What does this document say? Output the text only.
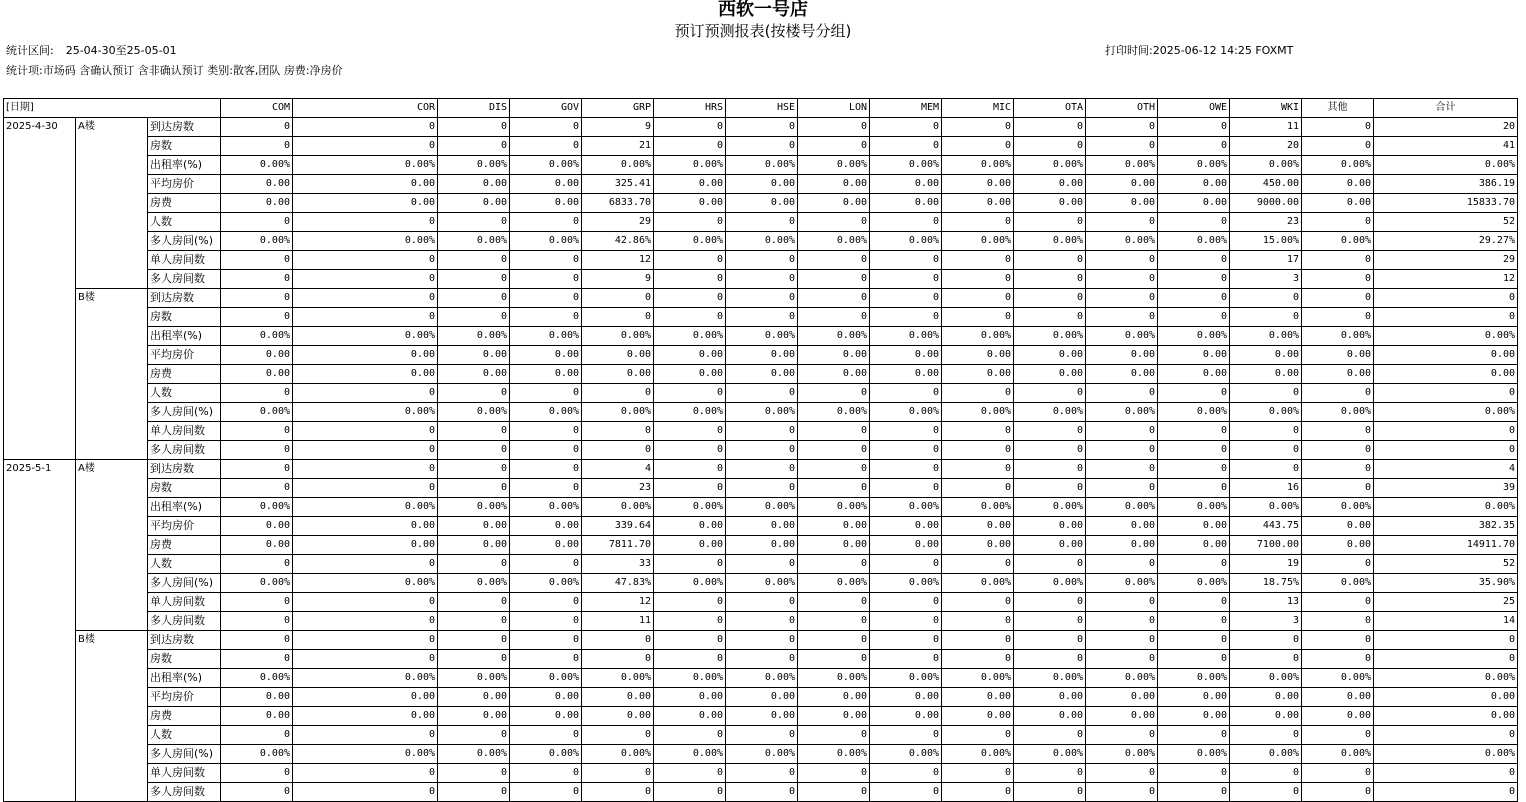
西软一号店
预订预测报表(按楼号分组)
统计区间: 25-04-30至25-05-01	打印时间:2025-06-12 14:25 FOXMT
统计项:市场码 含确认预订 含非确认预订 类别:散客,团队 房费:净房价
[日期]			COM	COR	DIS	GOV	GRP	HRS	HSE	LON	MEM	MIC	OTA	OTH	OWE	WKI	其他	合计
2025-4-30	A楼	到达房数	0	0	0	0	9	0	0	0	0	0	0	0	0	11	0	20
		房数	0	0	0	0	21	0	0	0	0	0	0	0	0	20	0	41
		出租率(%)	0.00%	0.00%	0.00%	0.00%	0.00%	0.00%	0.00%	0.00%	0.00%	0.00%	0.00%	0.00%	0.00%	0.00%	0.00%	0.00%
		平均房价	0.00	0.00	0.00	0.00	325.41	0.00	0.00	0.00	0.00	0.00	0.00	0.00	0.00	450.00	0.00	386.19
		房费	0.00	0.00	0.00	0.00	6833.70	0.00	0.00	0.00	0.00	0.00	0.00	0.00	0.00	9000.00	0.00	15833.70
		人数	0	0	0	0	29	0	0	0	0	0	0	0	0	23	0	52
		多人房间(%)	0.00%	0.00%	0.00%	0.00%	42.86%	0.00%	0.00%	0.00%	0.00%	0.00%	0.00%	0.00%	0.00%	15.00%	0.00%	29.27%
		单人房间数	0	0	0	0	12	0	0	0	0	0	0	0	0	17	0	29
		多人房间数	0	0	0	0	9	0	0	0	0	0	0	0	0	3	0	12
	B楼	到达房数	0	0	0	0	0	0	0	0	0	0	0	0	0	0	0	0
		房数	0	0	0	0	0	0	0	0	0	0	0	0	0	0	0	0
		出租率(%)	0.00%	0.00%	0.00%	0.00%	0.00%	0.00%	0.00%	0.00%	0.00%	0.00%	0.00%	0.00%	0.00%	0.00%	0.00%	0.00%
		平均房价	0.00	0.00	0.00	0.00	0.00	0.00	0.00	0.00	0.00	0.00	0.00	0.00	0.00	0.00	0.00	0.00
		房费	0.00	0.00	0.00	0.00	0.00	0.00	0.00	0.00	0.00	0.00	0.00	0.00	0.00	0.00	0.00	0.00
		人数	0	0	0	0	0	0	0	0	0	0	0	0	0	0	0	0
		多人房间(%)	0.00%	0.00%	0.00%	0.00%	0.00%	0.00%	0.00%	0.00%	0.00%	0.00%	0.00%	0.00%	0.00%	0.00%	0.00%	0.00%
		单人房间数	0	0	0	0	0	0	0	0	0	0	0	0	0	0	0	0
		多人房间数	0	0	0	0	0	0	0	0	0	0	0	0	0	0	0	0
2025-5-1	A楼	到达房数	0	0	0	0	4	0	0	0	0	0	0	0	0	0	0	4
		房数	0	0	0	0	23	0	0	0	0	0	0	0	0	16	0	39
		出租率(%)	0.00%	0.00%	0.00%	0.00%	0.00%	0.00%	0.00%	0.00%	0.00%	0.00%	0.00%	0.00%	0.00%	0.00%	0.00%	0.00%
		平均房价	0.00	0.00	0.00	0.00	339.64	0.00	0.00	0.00	0.00	0.00	0.00	0.00	0.00	443.75	0.00	382.35
		房费	0.00	0.00	0.00	0.00	7811.70	0.00	0.00	0.00	0.00	0.00	0.00	0.00	0.00	7100.00	0.00	14911.70
		人数	0	0	0	0	33	0	0	0	0	0	0	0	0	19	0	52
		多人房间(%)	0.00%	0.00%	0.00%	0.00%	47.83%	0.00%	0.00%	0.00%	0.00%	0.00%	0.00%	0.00%	0.00%	18.75%	0.00%	35.90%
		单人房间数	0	0	0	0	12	0	0	0	0	0	0	0	0	13	0	25
		多人房间数	0	0	0	0	11	0	0	0	0	0	0	0	0	3	0	14
	B楼	到达房数	0	0	0	0	0	0	0	0	0	0	0	0	0	0	0	0
		房数	0	0	0	0	0	0	0	0	0	0	0	0	0	0	0	0
		出租率(%)	0.00%	0.00%	0.00%	0.00%	0.00%	0.00%	0.00%	0.00%	0.00%	0.00%	0.00%	0.00%	0.00%	0.00%	0.00%	0.00%
		平均房价	0.00	0.00	0.00	0.00	0.00	0.00	0.00	0.00	0.00	0.00	0.00	0.00	0.00	0.00	0.00	0.00
		房费	0.00	0.00	0.00	0.00	0.00	0.00	0.00	0.00	0.00	0.00	0.00	0.00	0.00	0.00	0.00	0.00
		人数	0	0	0	0	0	0	0	0	0	0	0	0	0	0	0	0
		多人房间(%)	0.00%	0.00%	0.00%	0.00%	0.00%	0.00%	0.00%	0.00%	0.00%	0.00%	0.00%	0.00%	0.00%	0.00%	0.00%	0.00%
		单人房间数	0	0	0	0	0	0	0	0	0	0	0	0	0	0	0	0
		多人房间数	0	0	0	0	0	0	0	0	0	0	0	0	0	0	0	0
